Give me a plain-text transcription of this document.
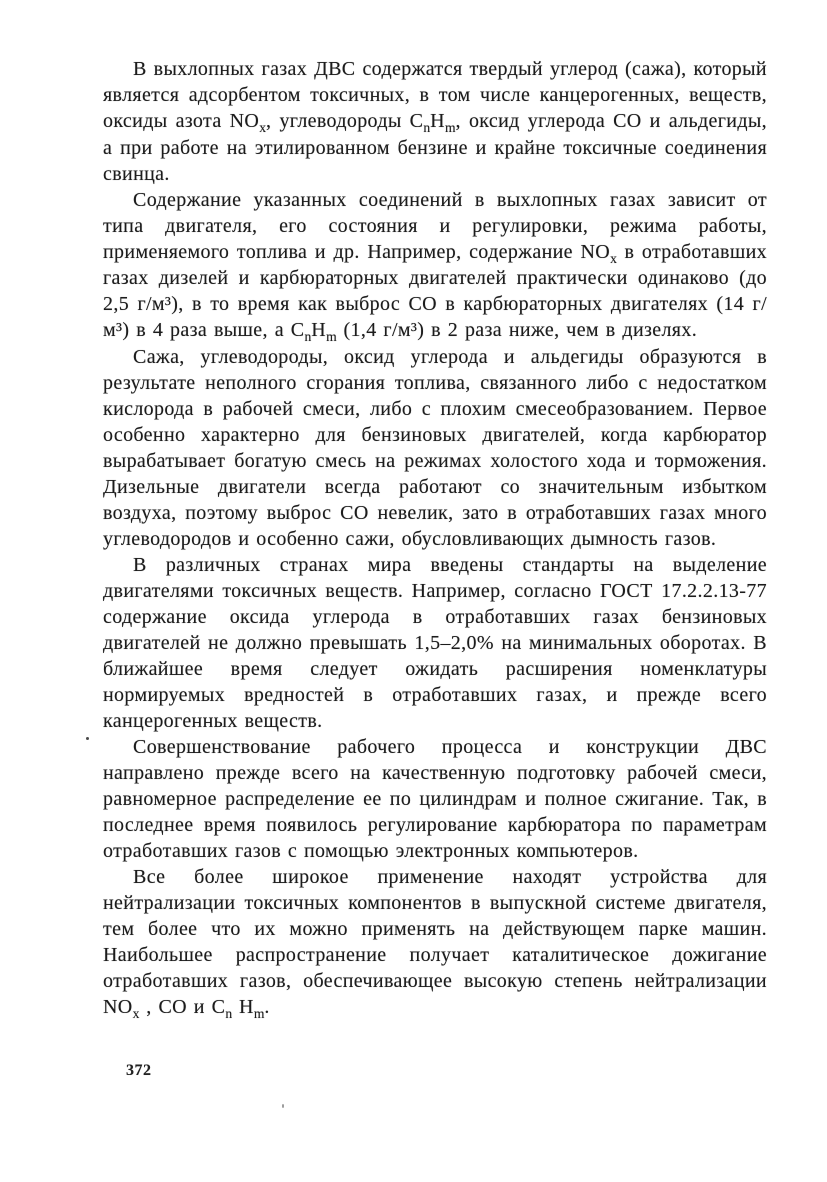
В выхлопных газах ДВС содержатся твердый углерод (сажа), который является адсорбентом токсичных, в том числе канцерогенных, веществ, оксиды азота $NO_x$, углеводороды $C_nH_m$, оксид углерода СО и альдегиды, а при работе на этилированном бензине и крайне токсичные соединения свинца.

Содержание указанных соединений в выхлопных газах зависит от типа двигателя, его состояния и регулировки, режима работы, применяемого топлива и др. Например, содержание $NO_x$ в отработавших газах дизелей и карбюраторных двигателей практически одинаково (до 2,5 г/м³), в то время как выброс СО в карбюраторных двигателях (14 г/м³) в 4 раза выше, а $C_nH_m$ (1,4 г/м³) в 2 раза ниже, чем в дизелях.

Сажа, углеводороды, оксид углерода и альдегиды образуются в результате неполного сгорания топлива, связанного либо с недостатком кислорода в рабочей смеси, либо с плохим смесеобразованием. Первое особенно характерно для бензиновых двигателей, когда карбюратор вырабатывает богатую смесь на режимах холостого хода и торможения. Дизельные двигатели всегда работают со значительным избытком воздуха, поэтому выброс СО невелик, зато в отработавших газах много углеводородов и особенно сажи, обусловливающих дымность газов.

В различных странах мира введены стандарты на выделение двигателями токсичных веществ. Например, согласно ГОСТ 17.2.2.13-77 содержание оксида углерода в отработавших газах бензиновых двигателей не должно превышать 1,5–2,0% на минимальных оборотах. В ближайшее время следует ожидать расширения номенклатуры нормируемых вредностей в отработавших газах, и прежде всего канцерогенных веществ.

Совершенствование рабочего процесса и конструкции ДВС направлено прежде всего на качественную подготовку рабочей смеси, равномерное распределение ее по цилиндрам и полное сжигание. Так, в последнее время появилось регулирование карбюратора по параметрам отработавших газов с помощью электронных компьютеров.

Все более широкое применение находят устройства для нейтрализации токсичных компонентов в выпускной системе двигателя, тем более что их можно применять на действующем парке машин. Наибольшее распространение получает каталитическое дожигание отработавших газов, обеспечивающее высокую степень нейтрализации $NO_x$ , СО и $C_n$ $H_m$.

372
